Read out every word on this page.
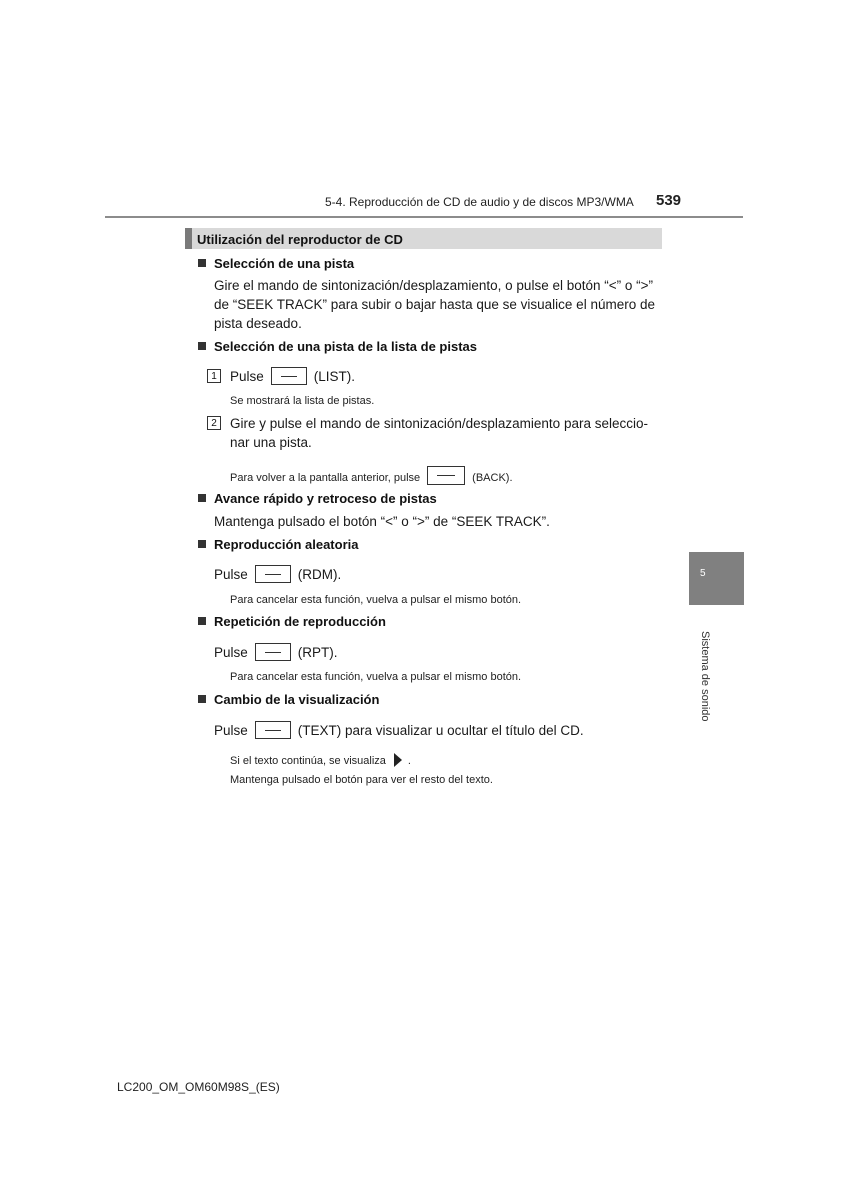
5-4. Reproducción de CD de audio y de discos MP3/WMA 539
Utilización del reproductor de CD
Selección de una pista
Gire el mando de sintonización/desplazamiento, o pulse el botón “<” o “>”
de “SEEK TRACK” para subir o bajar hasta que se visualice el número de
pista deseado.
Selección de una pista de la lista de pistas
1 Pulse	(LIST).
Se mostrará la lista de pistas.
2 Gire y pulse el mando de sintonización/desplazamiento para seleccio-
nar una pista.
Para volver a la pantalla anterior, pulse	(BACK).
Avance rápido y retroceso de pistas
Mantenga pulsado el botón “<” o “>” de “SEEK TRACK”.
Reproducción aleatoria
Pulse	(RDM).
Para cancelar esta función, vuelva a pulsar el mismo botón.
Repetición de reproducción
Pulse	(RPT).
Para cancelar esta función, vuelva a pulsar el mismo botón.
Cambio de la visualización
Pulse	(TEXT) para visualizar u ocultar el título del CD.
Si el texto continúa, se visualiza .
Mantenga pulsado el botón para ver el resto del texto.
5
Sistema de sonido
LC200_OM_OM60M98S_(ES)
